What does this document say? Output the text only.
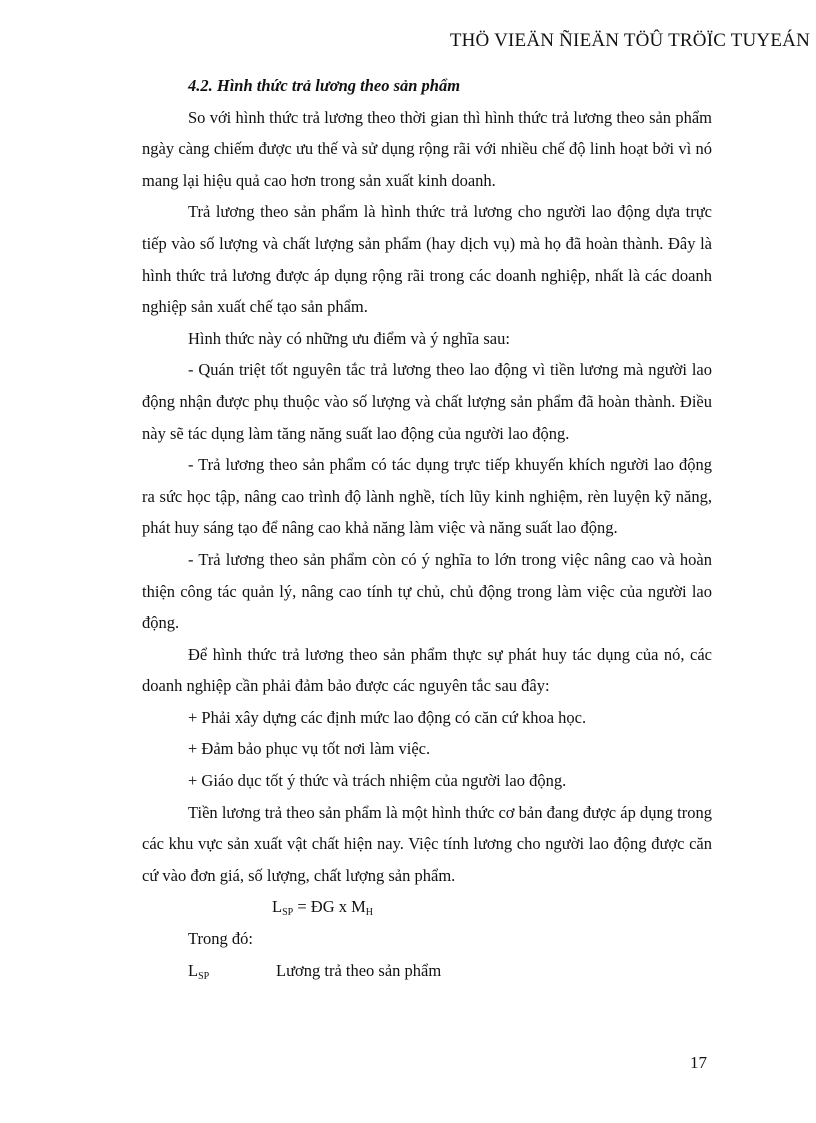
THÖ VIEÄN ÑIEÄN TÖÛ TRÖÏC TUYEÁN

4.2. Hình thức trả lương theo sản phẩm

So với hình thức trả lương theo thời gian thì hình thức trả lương theo sản phẩm ngày càng chiếm được ưu thế và sử dụng rộng rãi với nhiều chế độ linh hoạt bởi vì nó mang lại hiệu quả cao hơn trong sản xuất kinh doanh.

Trả lương theo sản phẩm là hình thức trả lương cho người lao động dựa trực tiếp vào số lượng và chất lượng sản phẩm (hay dịch vụ) mà họ đã hoàn thành. Đây là hình thức trả lương được áp dụng rộng rãi trong các doanh nghiệp, nhất là các doanh nghiệp sản xuất chế tạo sản phẩm.

Hình thức này có những ưu điểm và ý nghĩa sau:

- Quán triệt tốt nguyên tắc trả lương theo lao động vì tiền lương mà người lao động nhận được phụ thuộc vào số lượng và chất lượng sản phẩm đã hoàn thành. Điều này sẽ tác dụng làm tăng năng suất lao động của người lao động.

- Trả lương theo sản phẩm có tác dụng trực tiếp khuyến khích người lao động ra sức học tập, nâng cao trình độ lành nghề, tích lũy kinh nghiệm, rèn luyện kỹ năng, phát huy sáng tạo để nâng cao khả năng làm việc và năng suất lao động.

- Trả lương theo sản phẩm còn có ý nghĩa to lớn trong việc nâng cao và hoàn thiện công tác quản lý, nâng cao tính tự chủ, chủ động trong làm việc của người lao động.

Để hình thức trả lương theo sản phẩm thực sự phát huy tác dụng của nó, các doanh nghiệp cần phải đảm bảo được các nguyên tắc sau đây:

+ Phải xây dựng các định mức lao động có căn cứ khoa học.

+ Đảm bảo phục vụ tốt nơi làm việc.

+ Giáo dục tốt ý thức và trách nhiệm của người lao động.

Tiền lương trả theo sản phẩm là một hình thức cơ bản đang được áp dụng trong các khu vực sản xuất vật chất hiện nay. Việc tính lương cho người lao động được căn cứ vào đơn giá, số lượng, chất lượng sản phẩm.

$L_{SP}$ = ĐG x $M_H$

Trong đó:

$L_{SP}$	Lương trả theo sản phẩm

17
